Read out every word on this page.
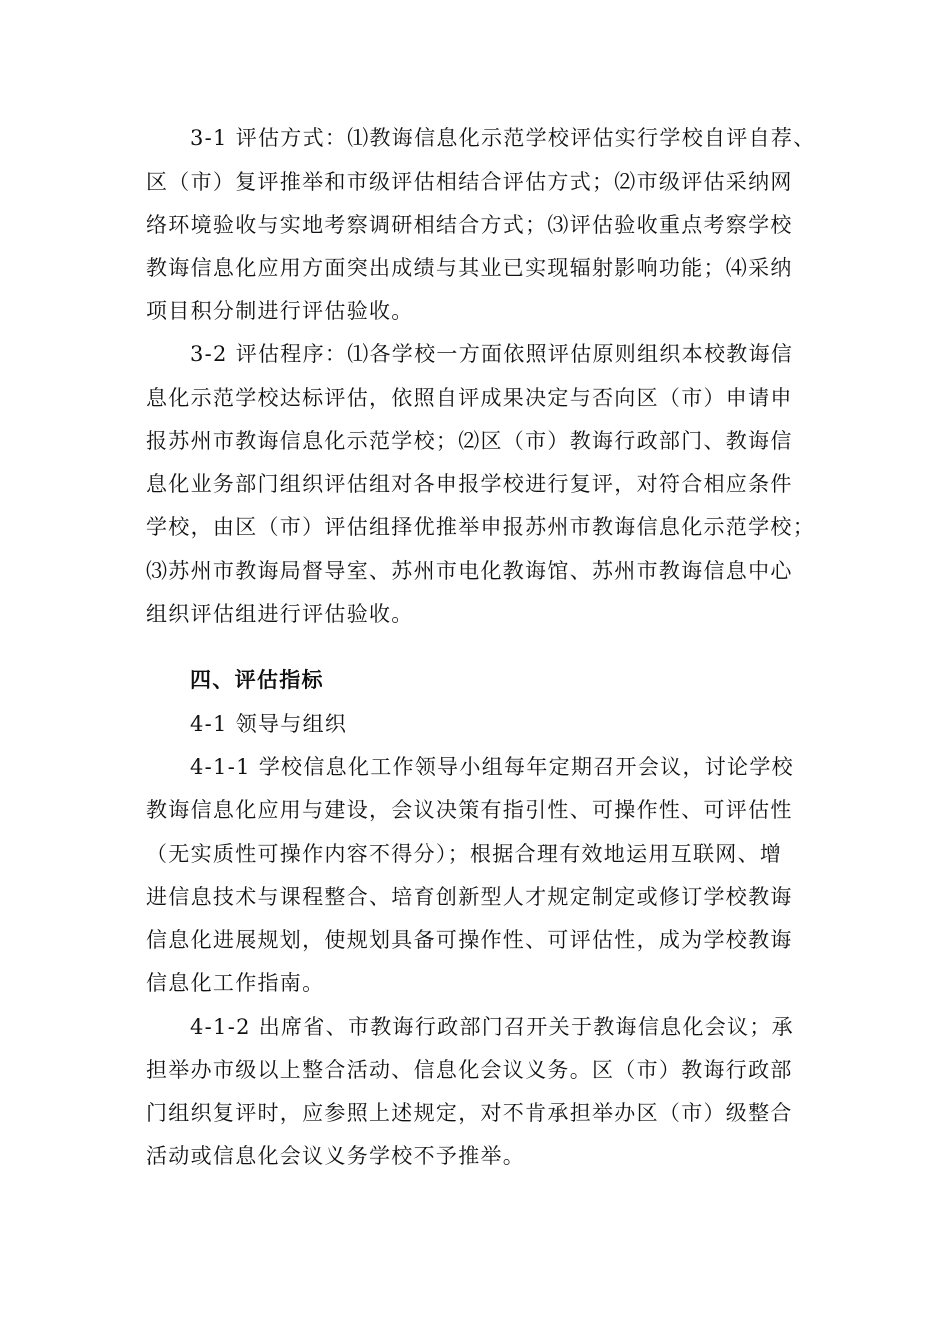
3-1 评估方式：⑴教诲信息化示范学校评估实行学校自评自荐、
区（市）复评推举和市级评估相结合评估方式；⑵市级评估采纳网
络环境验收与实地考察调研相结合方式；⑶评估验收重点考察学校
教诲信息化应用方面突出成绩与其业已实现辐射影响功能；⑷采纳
项目积分制进行评估验收。
3-2 评估程序：⑴各学校一方面依照评估原则组织本校教诲信
息化示范学校达标评估，依照自评成果决定与否向区（市）申请申
报苏州市教诲信息化示范学校；⑵区（市）教诲行政部门、教诲信
息化业务部门组织评估组对各申报学校进行复评，对符合相应条件
学校，由区（市）评估组择优推举申报苏州市教诲信息化示范学校；
⑶苏州市教诲局督导室、苏州市电化教诲馆、苏州市教诲信息中心
组织评估组进行评估验收。
四、评估指标
4-1 领导与组织
4-1-1 学校信息化工作领导小组每年定期召开会议，讨论学校
教诲信息化应用与建设，会议决策有指引性、可操作性、可评估性
（无实质性可操作内容不得分）；根据合理有效地运用互联网、增
进信息技术与课程整合、培育创新型人才规定制定或修订学校教诲
信息化进展规划，使规划具备可操作性、可评估性，成为学校教诲
信息化工作指南。
4-1-2 出席省、市教诲行政部门召开关于教诲信息化会议；承
担举办市级以上整合活动、信息化会议义务。区（市）教诲行政部
门组织复评时，应参照上述规定，对不肯承担举办区（市）级整合
活动或信息化会议义务学校不予推举。
